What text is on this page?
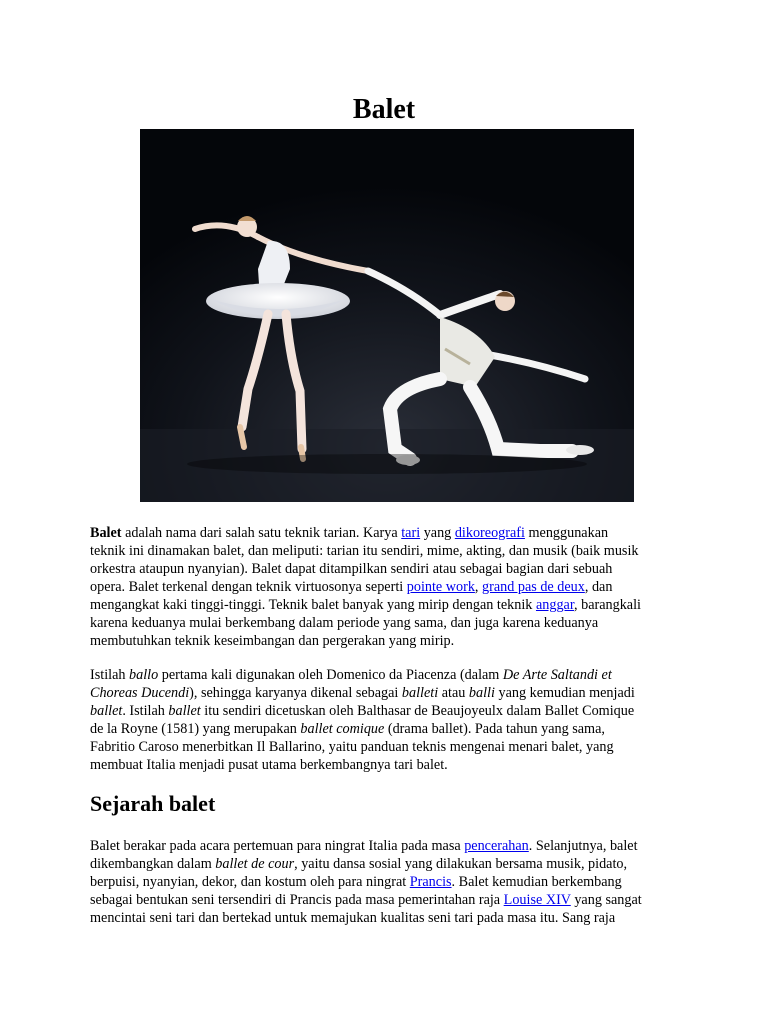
Balet

Balet adalah nama dari salah satu teknik tarian. Karya tari yang dikoreografi menggunakan
teknik ini dinamakan balet, dan meliputi: tarian itu sendiri, mime, akting, dan musik (baik musik
orkestra ataupun nyanyian). Balet dapat ditampilkan sendiri atau sebagai bagian dari sebuah
opera. Balet terkenal dengan teknik virtuosonya seperti pointe work, grand pas de deux, dan
mengangkat kaki tinggi-tinggi. Teknik balet banyak yang mirip dengan teknik anggar, barangkali
karena keduanya mulai berkembang dalam periode yang sama, dan juga karena keduanya
membutuhkan teknik keseimbangan dan pergerakan yang mirip.

Istilah ballo pertama kali digunakan oleh Domenico da Piacenza (dalam De Arte Saltandi et
Choreas Ducendi), sehingga karyanya dikenal sebagai balleti atau balli yang kemudian menjadi
ballet. Istilah ballet itu sendiri dicetuskan oleh Balthasar de Beaujoyeulx dalam Ballet Comique
de la Royne (1581) yang merupakan ballet comique (drama ballet). Pada tahun yang sama,
Fabritio Caroso menerbitkan Il Ballarino, yaitu panduan teknis mengenai menari balet, yang
membuat Italia menjadi pusat utama berkembangnya tari balet.

Sejarah balet

Balet berakar pada acara pertemuan para ningrat Italia pada masa pencerahan. Selanjutnya, balet
dikembangkan dalam ballet de cour, yaitu dansa sosial yang dilakukan bersama musik, pidato,
berpuisi, nyanyian, dekor, dan kostum oleh para ningrat Prancis. Balet kemudian berkembang
sebagai bentukan seni tersendiri di Prancis pada masa pemerintahan raja Louise XIV yang sangat
mencintai seni tari dan bertekad untuk memajukan kualitas seni tari pada masa itu. Sang raja
